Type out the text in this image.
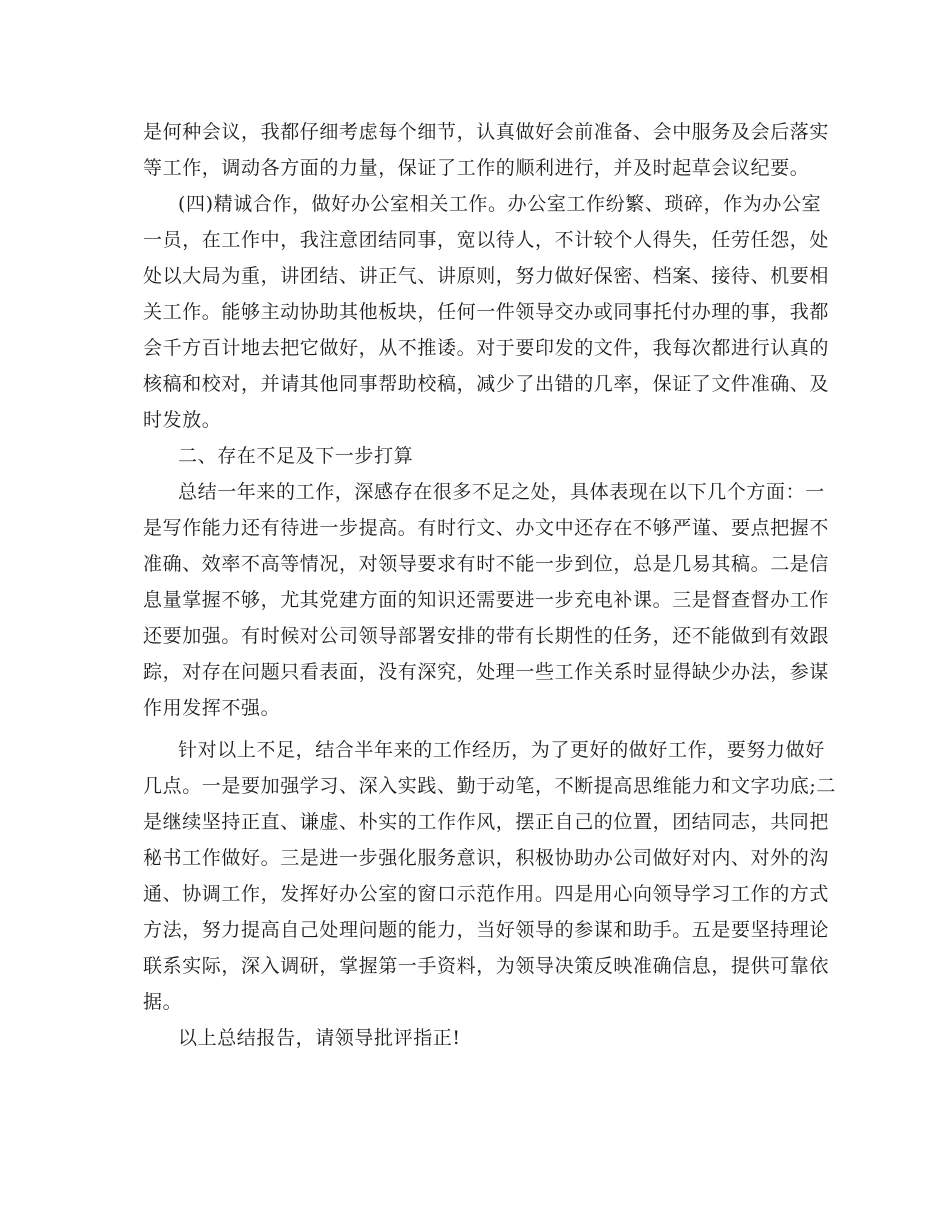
是何种会议，我都仔细考虑每个细节，认真做好会前准备、会中服务及会后落实
等工作，调动各方面的力量，保证了工作的顺利进行，并及时起草会议纪要。
(四)精诚合作，做好办公室相关工作。办公室工作纷繁、琐碎，作为办公室
一员，在工作中，我注意团结同事，宽以待人，不计较个人得失，任劳任怨，处
处以大局为重，讲团结、讲正气、讲原则，努力做好保密、档案、接待、机要相
关工作。能够主动协助其他板块，任何一件领导交办或同事托付办理的事，我都
会千方百计地去把它做好，从不推诿。对于要印发的文件，我每次都进行认真的
核稿和校对，并请其他同事帮助校稿，减少了出错的几率，保证了文件准确、及
时发放。
二、存在不足及下一步打算
总结一年来的工作，深感存在很多不足之处，具体表现在以下几个方面：一
是写作能力还有待进一步提高。有时行文、办文中还存在不够严谨、要点把握不
准确、效率不高等情况，对领导要求有时不能一步到位，总是几易其稿。二是信
息量掌握不够，尤其党建方面的知识还需要进一步充电补课。三是督查督办工作
还要加强。有时候对公司领导部署安排的带有长期性的任务，还不能做到有效跟
踪，对存在问题只看表面，没有深究，处理一些工作关系时显得缺少办法，参谋
作用发挥不强。
针对以上不足，结合半年来的工作经历，为了更好的做好工作，要努力做好
几点。一是要加强学习、深入实践、勤于动笔，不断提高思维能力和文字功底;二
是继续坚持正直、谦虚、朴实的工作作风，摆正自己的位置，团结同志，共同把
秘书工作做好。三是进一步强化服务意识，积极协助办公司做好对内、对外的沟
通、协调工作，发挥好办公室的窗口示范作用。四是用心向领导学习工作的方式
方法，努力提高自己处理问题的能力，当好领导的参谋和助手。五是要坚持理论
联系实际，深入调研，掌握第一手资料，为领导决策反映准确信息，提供可靠依
据。
以上总结报告，请领导批评指正!
